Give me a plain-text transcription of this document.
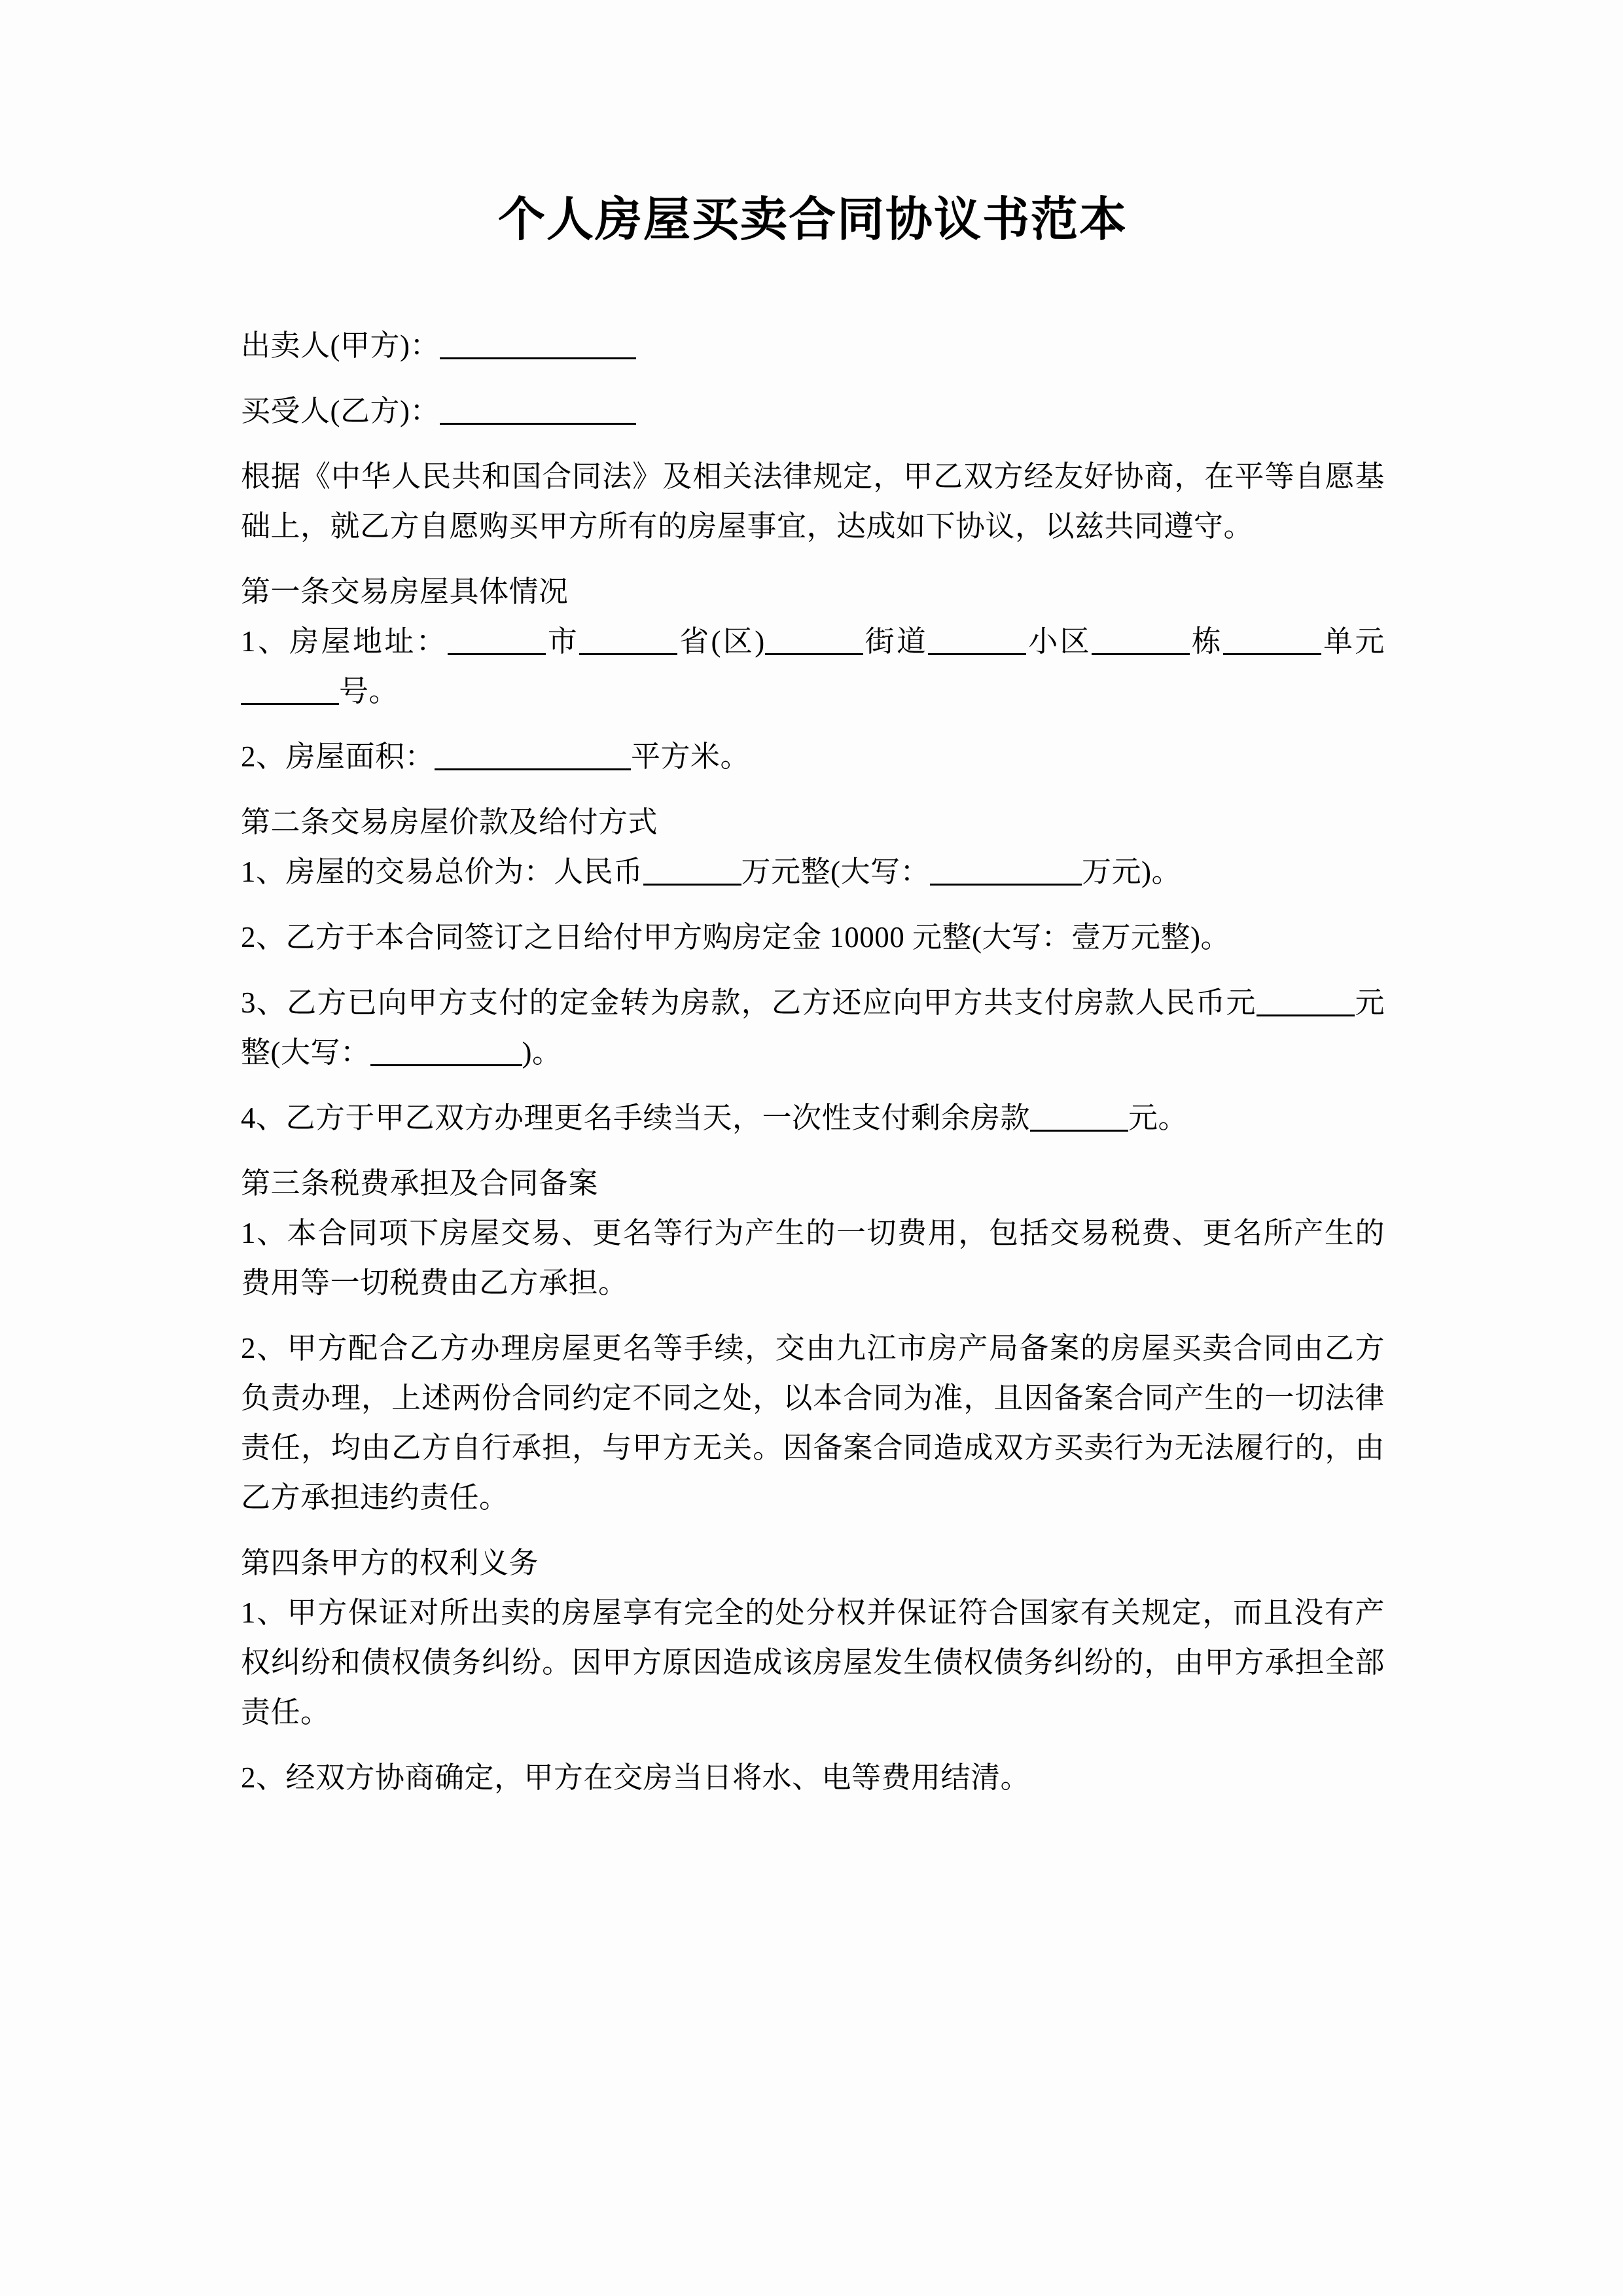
个人房屋买卖合同协议书范本

出卖人(甲方)：

买受人(乙方)：

根据《中华人民共和国合同法》及相关法律规定，甲乙双方经友好协商，在平等自愿基础上，就乙方自愿购买甲方所有的房屋事宜，达成如下协议，以兹共同遵守。

第一条交易房屋具体情况

1、房屋地址：	市	省(区)	街道	小区	栋	单元号。

2、房屋面积：	平方米。

第二条交易房屋价款及给付方式

1、房屋的交易总价为：人民币	万元整(大写：	万元)。

2、乙方于本合同签订之日给付甲方购房定金 10000 元整(大写：壹万元整)。

3、乙方已向甲方支付的定金转为房款，乙方还应向甲方共支付房款人民币元	元整(大写：	)。

4、乙方于甲乙双方办理更名手续当天，一次性支付剩余房款	元。

第三条税费承担及合同备案

1、本合同项下房屋交易、更名等行为产生的一切费用，包括交易税费、更名所产生的费用等一切税费由乙方承担。

2、甲方配合乙方办理房屋更名等手续，交由九江市房产局备案的房屋买卖合同由乙方负责办理，上述两份合同约定不同之处，以本合同为准，且因备案合同产生的一切法律责任，均由乙方自行承担，与甲方无关。因备案合同造成双方买卖行为无法履行的，由乙方承担违约责任。

第四条甲方的权利义务

1、甲方保证对所出卖的房屋享有完全的处分权并保证符合国家有关规定，而且没有产权纠纷和债权债务纠纷。因甲方原因造成该房屋发生债权债务纠纷的，由甲方承担全部责任。

2、经双方协商确定，甲方在交房当日将水、电等费用结清。
